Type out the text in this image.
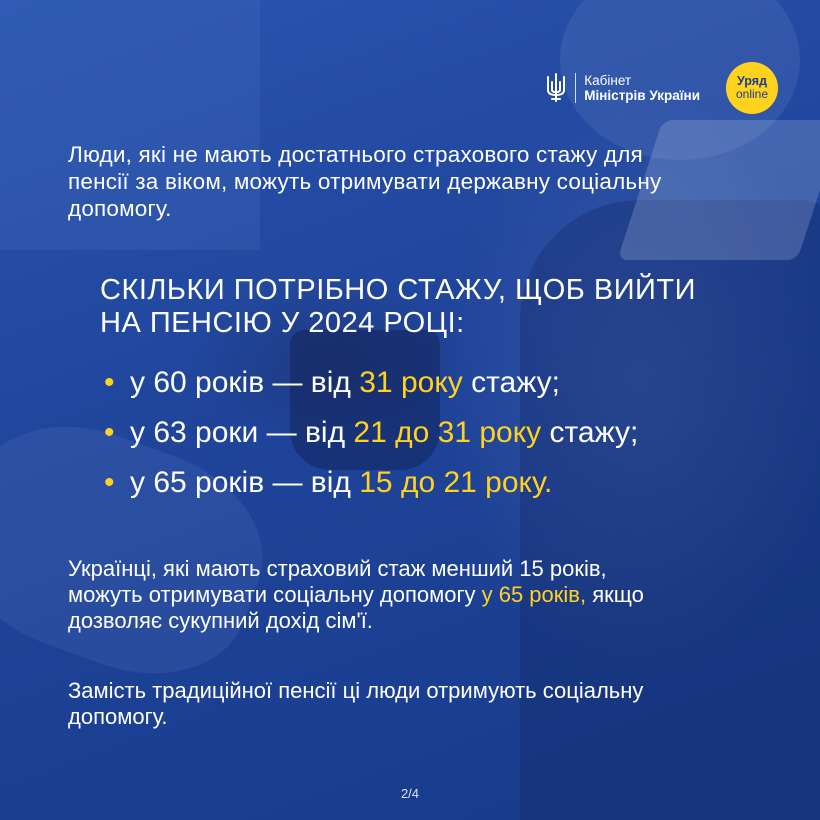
Кабінет
Міністрів України
Уряд
online
Люди, які не мають достатнього страхового стажу для пенсії за віком, можуть отримувати державну соціальну допомогу.
СКІЛЬКИ ПОТРІБНО СТАЖУ, ЩОБ ВИЙТИ НА ПЕНСІЮ У 2024 РОЦІ:
• у 60 років — від 31 року стажу;
• у 63 роки — від 21 до 31 року стажу;
• у 65 років — від 15 до 21 року.
Українці, які мають страховий стаж менший 15 років, можуть отримувати соціальну допомогу у 65 років, якщо дозволяє сукупний дохід сім'ї.
Замість традиційної пенсії ці люди отримують соціальну допомогу.
2/4
